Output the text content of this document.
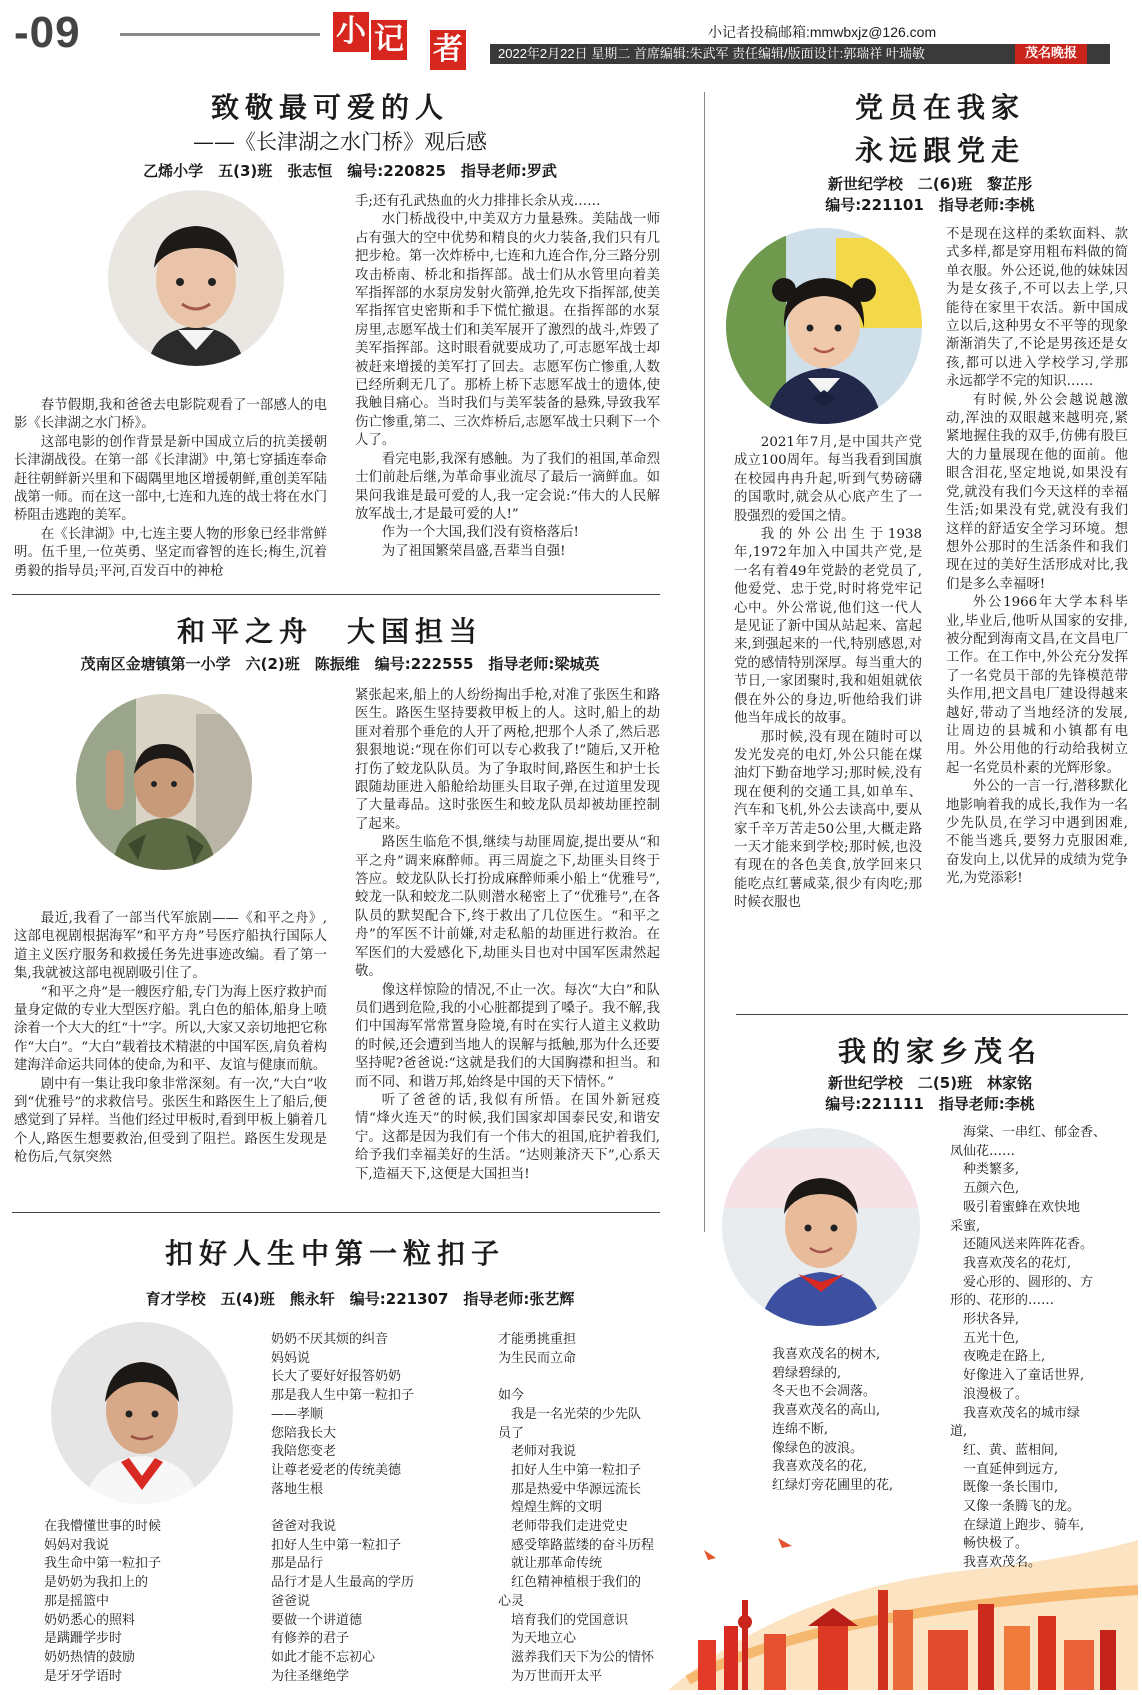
-09	小 记 者	小记者投稿邮箱:mmwbxjz@126.com
2022年2月22日 星期二 首席编辑:朱武军 责任编辑/版面设计:郭瑞祥 叶瑞敏	茂名晚报
致敬最可爱的人
——《长津湖之水门桥》观后感
乙烯小学　五(3)班　张志恒　编号:220825　指导老师:罗武

春节假期,我和爸爸去电影院观看了一部感人的电影《长津湖之水门桥》。

这部电影的创作背景是新中国成立后的抗美援朝长津湖战役。在第一部《长津湖》中,第七穿插连奉命赶往朝鲜新兴里和下碣隅里地区增援朝鲜,重创美军陆战第一师。而在这一部中,七连和九连的战士将在水门桥阻击逃跑的美军。

在《长津湖》中,七连主要人物的形象已经非常鲜明。伍千里,一位英勇、坚定而睿智的连长;梅生,沉着勇毅的指导员;平河,百发百中的神枪

手;还有孔武热血的火力排排长余从戎……

水门桥战役中,中美双方力量悬殊。美陆战一师占有强大的空中优势和精良的火力装备,我们只有几把步枪。第一次炸桥中,七连和九连合作,分三路分别攻击桥南、桥北和指挥部。战士们从水管里向着美军指挥部的水泵房发射火箭弹,抢先攻下指挥部,使美军指挥官史密斯和手下慌忙撤退。在指挥部的水泵房里,志愿军战士们和美军展开了激烈的战斗,炸毁了美军指挥部。这时眼看就要成功了,可志愿军战士却被赶来增援的美军打了回去。志愿军伤亡惨重,人数已经所剩无几了。那桥上桥下志愿军战士的遗体,使我触目痛心。当时我们与美军装备的悬殊,导致我军伤亡惨重,第二、三次炸桥后,志愿军战士只剩下一个人了。

看完电影,我深有感触。为了我们的祖国,革命烈士们前赴后继,为革命事业流尽了最后一滴鲜血。如果问我谁是最可爱的人,我一定会说:“伟大的人民解放军战士,才是最可爱的人!”

作为一个大国,我们没有资格落后!

为了祖国繁荣昌盛,吾辈当自强!

和平之舟　大国担当
茂南区金塘镇第一小学　六(2)班　陈振维　编号:222555　指导老师:梁城英

最近,我看了一部当代军旅剧——《和平之舟》,这部电视剧根据海军“和平方舟”号医疗船执行国际人道主义医疗服务和救援任务先进事迹改编。看了第一集,我就被这部电视剧吸引住了。

“和平之舟”是一艘医疗船,专门为海上医疗救护而量身定做的专业大型医疗船。乳白色的船体,船身上喷涂着一个大大的红“十”字。所以,大家又亲切地把它称作“大白”。“大白”载着技术精湛的中国军医,肩负着构建海洋命运共同体的使命,为和平、友谊与健康而航。

剧中有一集让我印象非常深刻。有一次,“大白”收到“优雅号”的求救信号。张医生和路医生上了船后,便感觉到了异样。当他们经过甲板时,看到甲板上躺着几个人,路医生想要救治,但受到了阻拦。路医生发现是枪伤后,气氛突然

紧张起来,船上的人纷纷掏出手枪,对准了张医生和路医生。路医生坚持要救甲板上的人。这时,船上的劫匪对着那个垂危的人开了两枪,把那个人杀了,然后恶狠狠地说:“现在你们可以专心救我了!”随后,又开枪打伤了蛟龙队队员。为了争取时间,路医生和护士长跟随劫匪进入船舱给劫匪头目取子弹,在过道里发现了大量毒品。这时张医生和蛟龙队员却被劫匪控制了起来。

路医生临危不惧,继续与劫匪周旋,提出要从“和平之舟”调来麻醉师。再三周旋之下,劫匪头目终于答应。蛟龙队队长打扮成麻醉师乘小船上“优雅号”,蛟龙一队和蛟龙二队则潜水秘密上了“优雅号”,在各队员的默契配合下,终于救出了几位医生。“和平之舟”的军医不计前嫌,对走私船的劫匪进行救治。在军医们的大爱感化下,劫匪头目也对中国军医肃然起敬。

像这样惊险的情况,不止一次。每次“大白”和队员们遇到危险,我的小心脏都提到了嗓子。我不解,我们中国海军常常置身险境,有时在实行人道主义救助的时候,还会遭到当地人的误解与抵触,那为什么还要坚持呢?爸爸说:“这就是我们的大国胸襟和担当。和而不同、和谐万邦,始终是中国的天下情怀。”

听了爸爸的话,我似有所悟。在国外新冠疫情“烽火连天”的时候,我们国家却国泰民安,和谐安宁。这都是因为我们有一个伟大的祖国,庇护着我们,给予我们幸福美好的生活。“达则兼济天下”,心系天下,造福天下,这便是大国担当!

扣好人生中第一粒扣子
育才学校　五(4)班　熊永轩　编号:221307　指导老师:张艺辉
在我懵懂世事的时候
妈妈对我说
我生命中第一粒扣子
是奶奶为我扣上的
那是摇篮中
奶奶悉心的照料
是蹒跚学步时
奶奶热情的鼓励
是牙牙学语时
奶奶不厌其烦的纠音
妈妈说
长大了要好好报答奶奶
那是我人生中第一粒扣子
——孝顺
您陪我长大
我陪您变老
让尊老爱老的传统美德
落地生根

爸爸对我说
扣好人生中第一粒扣子
那是品行
品行才是人生最高的学历
爸爸说
要做一个讲道德
有修养的君子
如此才能不忘初心
为往圣继绝学
才能勇挑重担
为生民而立命

如今
　我是一名光荣的少先队
员了
　老师对我说
　扣好人生中第一粒扣子
　那是热爱中华源远流长
　煌煌生辉的文明
　老师带我们走进党史
　感受筚路蓝缕的奋斗历程
　就让那革命传统
　红色精神植根于我们的
心灵
　培育我们的党国意识
　为天地立心
　滋养我们天下为公的情怀
　为万世而开太平
党员在我家
永远跟党走
新世纪学校　二(6)班　黎芷彤
编号:221101　指导老师:李桃

2021年7月,是中国共产党成立100周年。每当我看到国旗在校园冉冉升起,听到气势磅礴的国歌时,就会从心底产生了一股强烈的爱国之情。

我的外公出生于1938年,1972年加入中国共产党,是一名有着49年党龄的老党员了,他爱党、忠于党,时时将党牢记心中。外公常说,他们这一代人是见证了新中国从站起来、富起来,到强起来的一代,特别感恩,对党的感情特别深厚。每当重大的节日,一家团聚时,我和姐姐就依偎在外公的身边,听他给我们讲他当年成长的故事。

那时候,没有现在随时可以发光发亮的电灯,外公只能在煤油灯下勤奋地学习;那时候,没有现在便利的交通工具,如单车、汽车和飞机,外公去读高中,要从家千辛万苦走50公里,大概走路一天才能来到学校;那时候,也没有现在的各色美食,放学回来只能吃点红薯咸菜,很少有肉吃;那时候衣服也

不是现在这样的柔软面料、款式多样,都是穿用粗布料做的简单衣服。外公还说,他的妹妹因为是女孩子,不可以去上学,只能待在家里干农活。新中国成立以后,这种男女不平等的现象渐渐消失了,不论是男孩还是女孩,都可以进入学校学习,学那永远都学不完的知识……

有时候,外公会越说越激动,浑浊的双眼越来越明亮,紧紧地握住我的双手,仿佛有股巨大的力量展现在他的面前。他眼含泪花,坚定地说,如果没有党,就没有我们今天这样的幸福生活;如果没有党,就没有我们这样的舒适安全学习环境。想想外公那时的生活条件和我们现在过的美好生活形成对比,我们是多么幸福呀!

外公1966年大学本科毕业,毕业后,他听从国家的安排,被分配到海南文昌,在文昌电厂工作。在工作中,外公充分发挥了一名党员干部的先锋模范带头作用,把文昌电厂建设得越来越好,带动了当地经济的发展,让周边的县城和小镇都有电用。外公用他的行动给我树立起一名党员朴素的光辉形象。

外公的一言一行,潜移默化地影响着我的成长,我作为一名少先队员,在学习中遇到困难,不能当逃兵,要努力克服困难,奋发向上,以优异的成绩为党争光,为党添彩!

我的家乡茂名
新世纪学校　二(5)班　林家铭
编号:221111　指导老师:李桃
我喜欢茂名的树木,
碧绿碧绿的,
冬天也不会凋落。
我喜欢茂名的高山,
连绵不断,
像绿色的波浪。
我喜欢茂名的花,
红绿灯旁花圃里的花,
　海棠、一串红、郁金香、
凤仙花……
　种类繁多,
　五颜六色,
　吸引着蜜蜂在欢快地
采蜜,
　还随风送来阵阵花香。
　我喜欢茂名的花灯,
　爱心形的、圆形的、方
形的、花形的……
　形状各异,
　五光十色,
　夜晚走在路上,
　好像进入了童话世界,
　浪漫极了。
　我喜欢茂名的城市绿
道,
　红、黄、蓝相间,
　一直延伸到远方,
　既像一条长围巾,
　又像一条腾飞的龙。
　在绿道上跑步、骑车,
　畅快极了。
　我喜欢茂名。
